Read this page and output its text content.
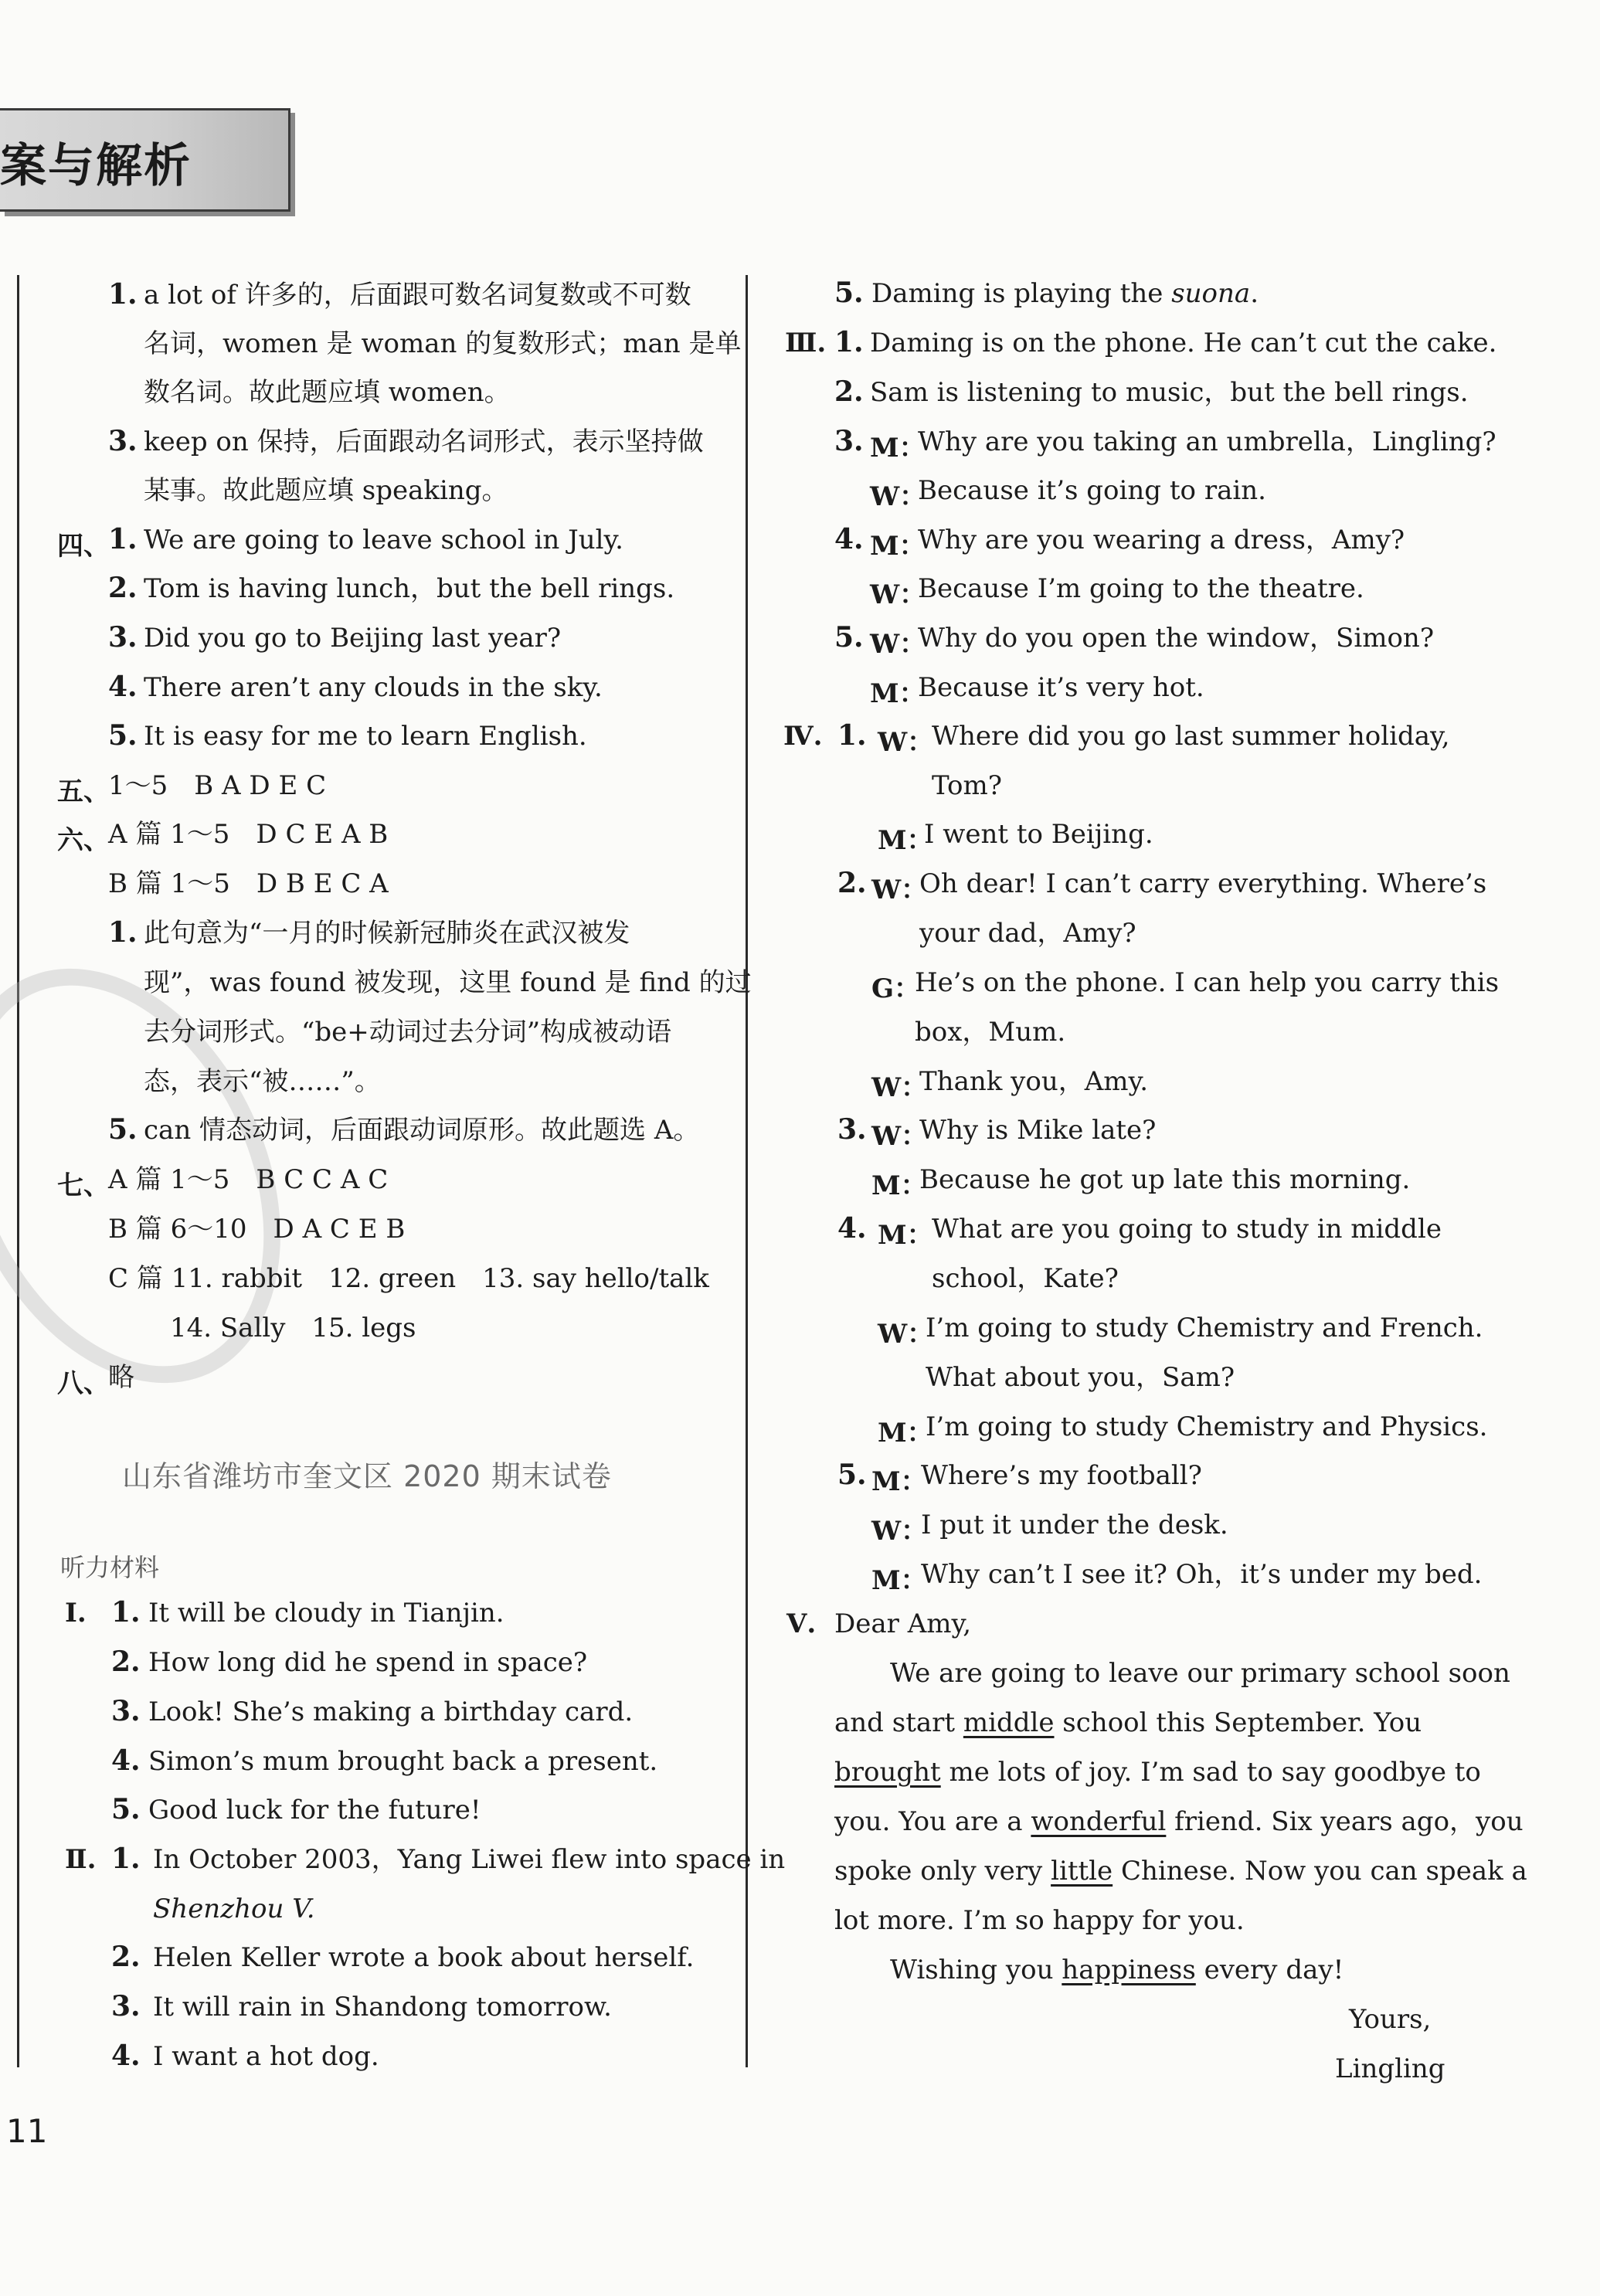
案与解析
1. a lot of 许多的，后面跟可数名词复数或不可数
名词，women 是 woman 的复数形式；man 是单
数名词。故此题应填 women。
3. keep on 保持，后面跟动名词形式，表示坚持做
某事。故此题应填 speaking。
四、
1. We are going to leave school in July.
2. Tom is having lunch，but the bell rings.
3. Did you go to Beijing last year?
4. There aren’t any clouds in the sky.
5. It is easy for me to learn English.
五、
1～5　B A D E C
六、
A 篇 1～5　D C E A B
B 篇 1～5　D B E C A
1. 此句意为“一月的时候新冠肺炎在武汉被发
现”，was found 被发现，这里 found 是 find 的过
去分词形式。“be+动词过去分词”构成被动语
态，表示“被……”。
5. can 情态动词，后面跟动词原形。故此题选 A。
七、
A 篇 1～5　B C C A C
B 篇 6～10　D A C E B
C 篇 11. rabbit　12. green　13. say hello/talk
14. Sally　15. legs
八、
略
山东省潍坊市奎文区 2020 期末试卷
听力材料
Ⅰ. 1. It will be cloudy in Tianjin.
2. How long did he spend in space?
3. Look! She’s making a birthday card.
4. Simon’s mum brought back a present.
5. Good luck for the future!
Ⅱ. 1. In October 2003，Yang Liwei flew into space in
Shenzhou V.
2. Helen Keller wrote a book about herself.
3. It will rain in Shandong tomorrow.
4. I want a hot dog.
5. Daming is playing the suona.
Ⅲ. 1. Daming is on the phone. He can’t cut the cake.
2. Sam is listening to music，but the bell rings.
3. M：
Why are you taking an umbrella，Lingling?
W：
Because it’s going to rain.
4. M：
Why are you wearing a dress，Amy?
W：
Because I’m going to the theatre.
5. W：
Why do you open the window，Simon?
M：
Because it’s very hot.
Ⅳ. 1. W：
Where did you go last summer holiday,
Tom?
M：
I went to Beijing.
2. W：
Oh dear! I can’t carry everything. Where’s
your dad，Amy?
G：
He’s on the phone. I can help you carry this
box，Mum.
W：
Thank you，Amy.
3. W：
Why is Mike late?
M：
Because he got up late this morning.
4. M：
What are you going to study in middle
school，Kate?
W：
I’m going to study Chemistry and French.
What about you，Sam?
M：
I’m going to study Chemistry and Physics.
5. M：
Where’s my football?
W：
I put it under the desk.
M：
Why can’t I see it? Oh，it’s under my bed.
Ⅴ. Dear Amy,
We are going to leave our primary school soon
and start middle school this September. You
brought me lots of joy. I’m sad to say goodbye to
you. You are a wonderful friend. Six years ago，you
spoke only very little Chinese. Now you can speak a
lot more. I’m so happy for you.
Wishing you happiness every day!
Yours,
Lingling
11
